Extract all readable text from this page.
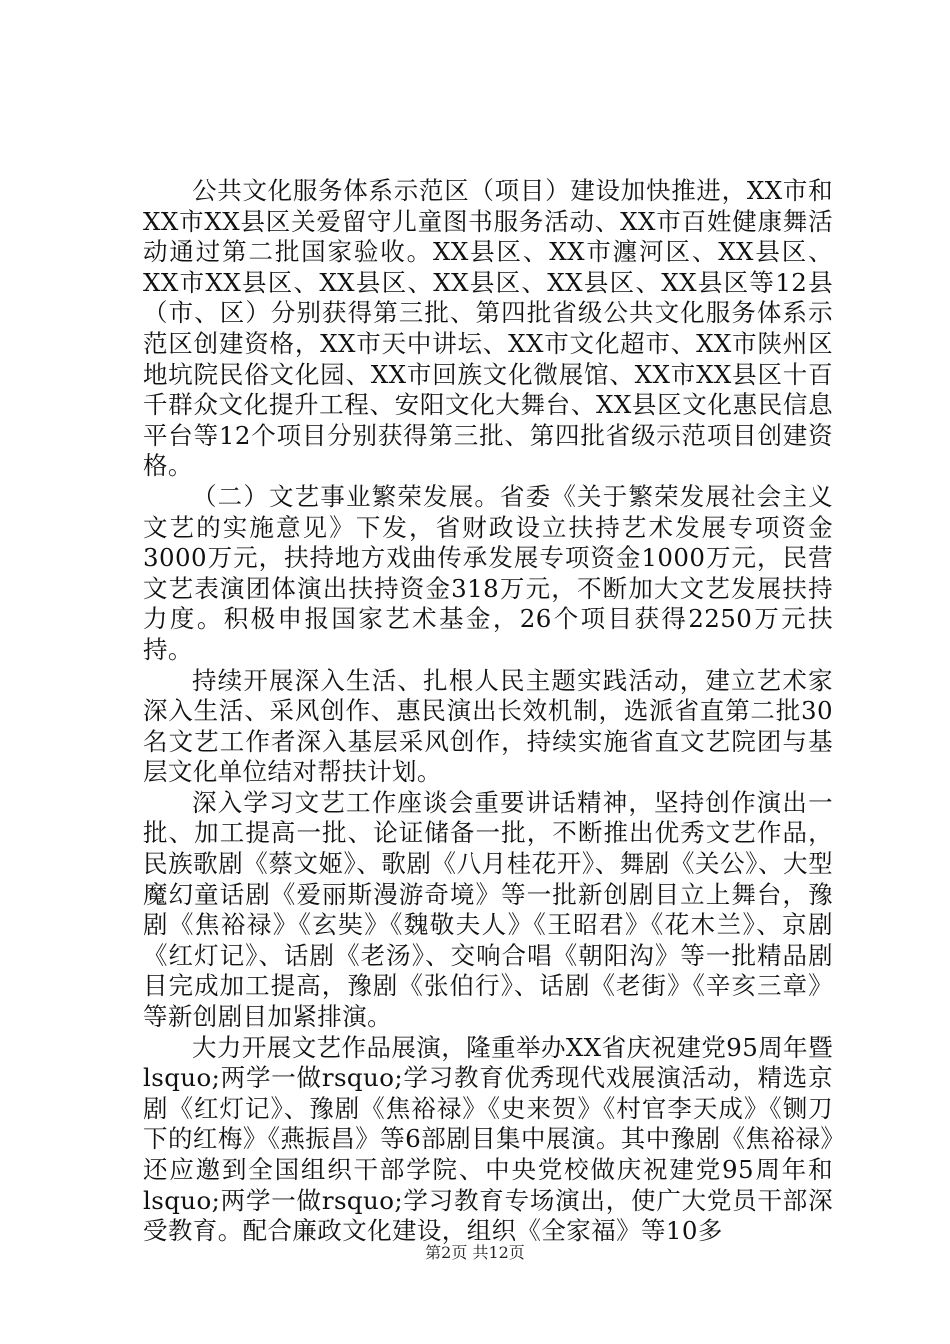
公共文化服务体系示范区（项目）建设加快推进，XX市和XX市XX县区关爱留守儿童图书服务活动、XX市百姓健康舞活动通过第二批国家验收。XX县区、XX市瀍河区、XX县区、XX市XX县区、XX县区、XX县区、XX县区、XX县区等12县（市、区）分别获得第三批、第四批省级公共文化服务体系示范区创建资格，XX市天中讲坛、XX市文化超市、XX市陕州区地坑院民俗文化园、XX市回族文化微展馆、XX市XX县区十百千群众文化提升工程、安阳文化大舞台、XX县区文化惠民信息平台等12个项目分别获得第三批、第四批省级示范项目创建资格。

（二）文艺事业繁荣发展。省委《关于繁荣发展社会主义文艺的实施意见》下发，省财政设立扶持艺术发展专项资金3000万元，扶持地方戏曲传承发展专项资金1000万元，民营文艺表演团体演出扶持资金318万元，不断加大文艺发展扶持力度。积极申报国家艺术基金，26个项目获得2250万元扶持。

持续开展深入生活、扎根人民主题实践活动，建立艺术家深入生活、采风创作、惠民演出长效机制，选派省直第二批30名文艺工作者深入基层采风创作，持续实施省直文艺院团与基层文化单位结对帮扶计划。

深入学习文艺工作座谈会重要讲话精神，坚持创作演出一批、加工提高一批、论证储备一批，不断推出优秀文艺作品，民族歌剧《蔡文姬》、歌剧《八月桂花开》、舞剧《关公》、大型魔幻童话剧《爱丽斯漫游奇境》等一批新创剧目立上舞台，豫剧《焦裕禄》《玄奘》《魏敬夫人》《王昭君》《花木兰》、京剧《红灯记》、话剧《老汤》、交响合唱《朝阳沟》等一批精品剧目完成加工提高，豫剧《张伯行》、话剧《老街》《辛亥三章》等新创剧目加紧排演。

大力开展文艺作品展演，隆重举办XX省庆祝建党95周年暨lsquo;两学一做rsquo;学习教育优秀现代戏展演活动，精选京剧《红灯记》、豫剧《焦裕禄》《史来贺》《村官李天成》《铡刀下的红梅》《燕振昌》等6部剧目集中展演。其中豫剧《焦裕禄》还应邀到全国组织干部学院、中央党校做庆祝建党95周年和lsquo;两学一做rsquo;学习教育专场演出，使广大党员干部深受教育。配合廉政文化建设，组织《全家福》等10多

第2页 共12页
